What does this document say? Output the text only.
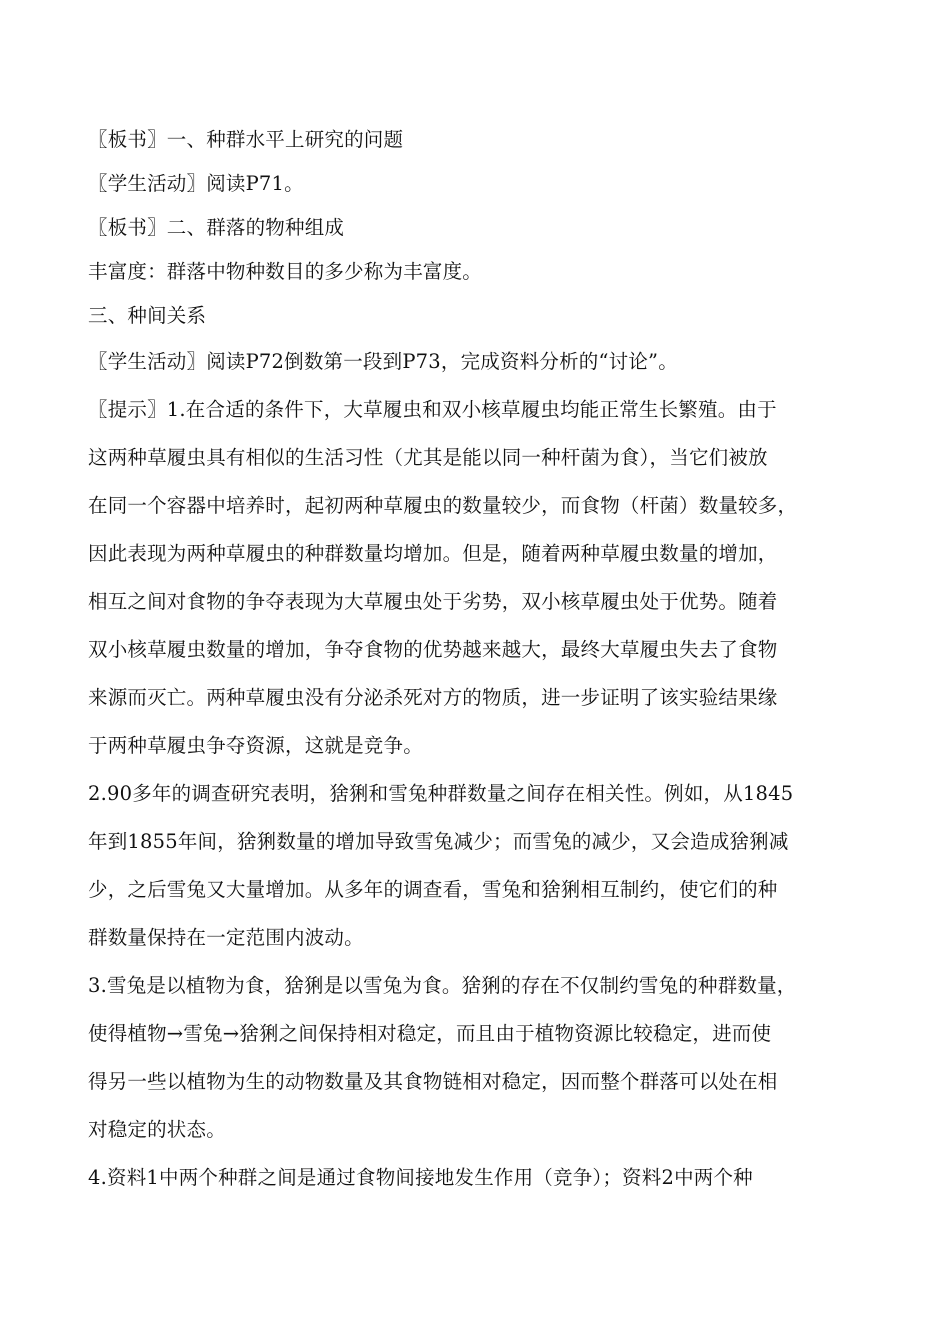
〖板书〗一、种群水平上研究的问题

〖学生活动〗阅读P71。

〖板书〗二、群落的物种组成

丰富度：群落中物种数目的多少称为丰富度。

三、种间关系

〖学生活动〗阅读P72倒数第一段到P73，完成资料分析的“讨论”。

〖提示〗1.在合适的条件下，大草履虫和双小核草履虫均能正常生长繁殖。由于

这两种草履虫具有相似的生活习性（尤其是能以同一种杆菌为食），当它们被放

在同一个容器中培养时，起初两种草履虫的数量较少，而食物（杆菌）数量较多，

因此表现为两种草履虫的种群数量均增加。但是，随着两种草履虫数量的增加，

相互之间对食物的争夺表现为大草履虫处于劣势，双小核草履虫处于优势。随着

双小核草履虫数量的增加，争夺食物的优势越来越大，最终大草履虫失去了食物

来源而灭亡。两种草履虫没有分泌杀死对方的物质，进一步证明了该实验结果缘

于两种草履虫争夺资源，这就是竞争。

2.90多年的调查研究表明，猞猁和雪兔种群数量之间存在相关性。例如，从1845

年到1855年间，猞猁数量的增加导致雪兔减少；而雪兔的减少，又会造成猞猁减

少，之后雪兔又大量增加。从多年的调查看，雪兔和猞猁相互制约，使它们的种

群数量保持在一定范围内波动。

3.雪兔是以植物为食，猞猁是以雪兔为食。猞猁的存在不仅制约雪兔的种群数量，

使得植物→雪兔→猞猁之间保持相对稳定，而且由于植物资源比较稳定，进而使

得另一些以植物为生的动物数量及其食物链相对稳定，因而整个群落可以处在相

对稳定的状态。

4.资料1中两个种群之间是通过食物间接地发生作用（竞争）；资料2中两个种
